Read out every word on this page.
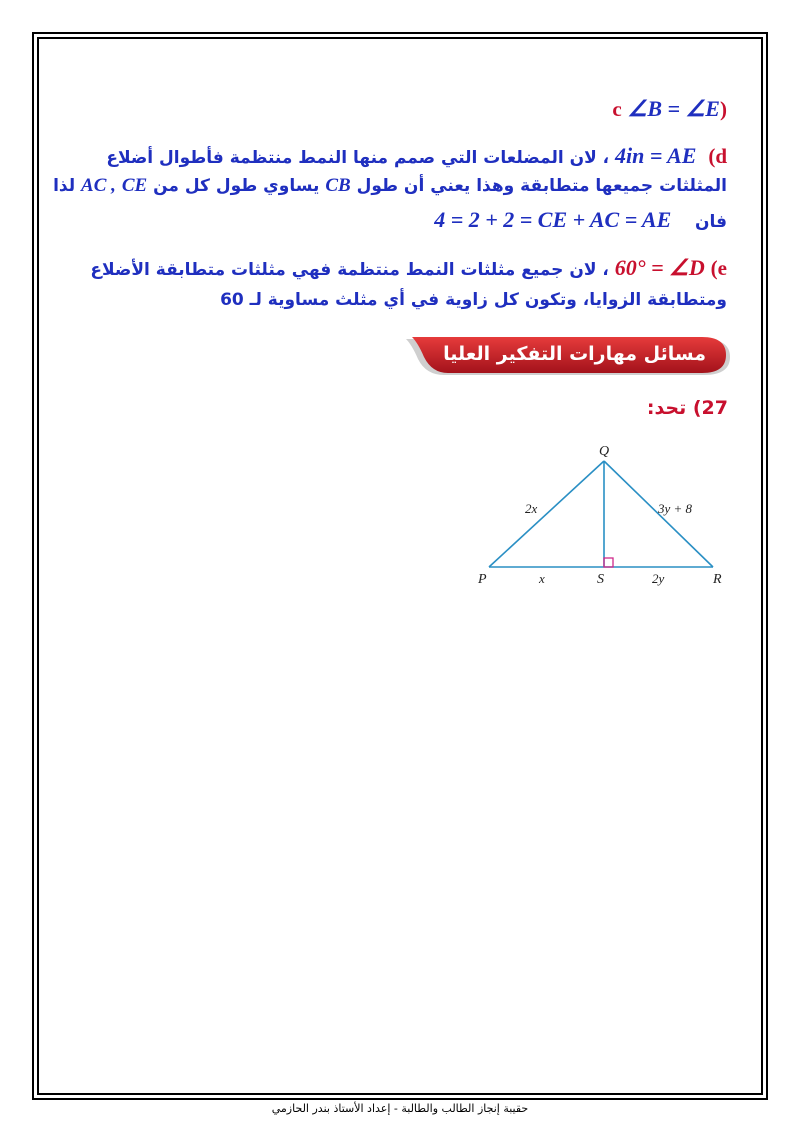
(c ∠B = ∠E
d)  4in = AE ، لان المضلعات التي صمم منها النمط منتظمة فأطوال أضلاع
المثلثات جميعها متطابقة وهذا يعني أن طول CB يساوي طول كل من CE AC , لذا
فان    4 = 2 + 2 = CE + AC = AE
e) 60° = ∠D ، لان جميع مثلثات النمط منتظمة فهي مثلثات متطابقة الأضلاع
ومتطابقة الزوايا، وتكون كل زاوية في أي مثلث مساوية لـ 60
مسائل مهارات التفكير العليا
27) تحد:
Q
P	S	R
2x	3y + 8
x	2y
حقيبة إنجاز الطالب والطالبة - إعداد الأستاذ بندر الحازمي
